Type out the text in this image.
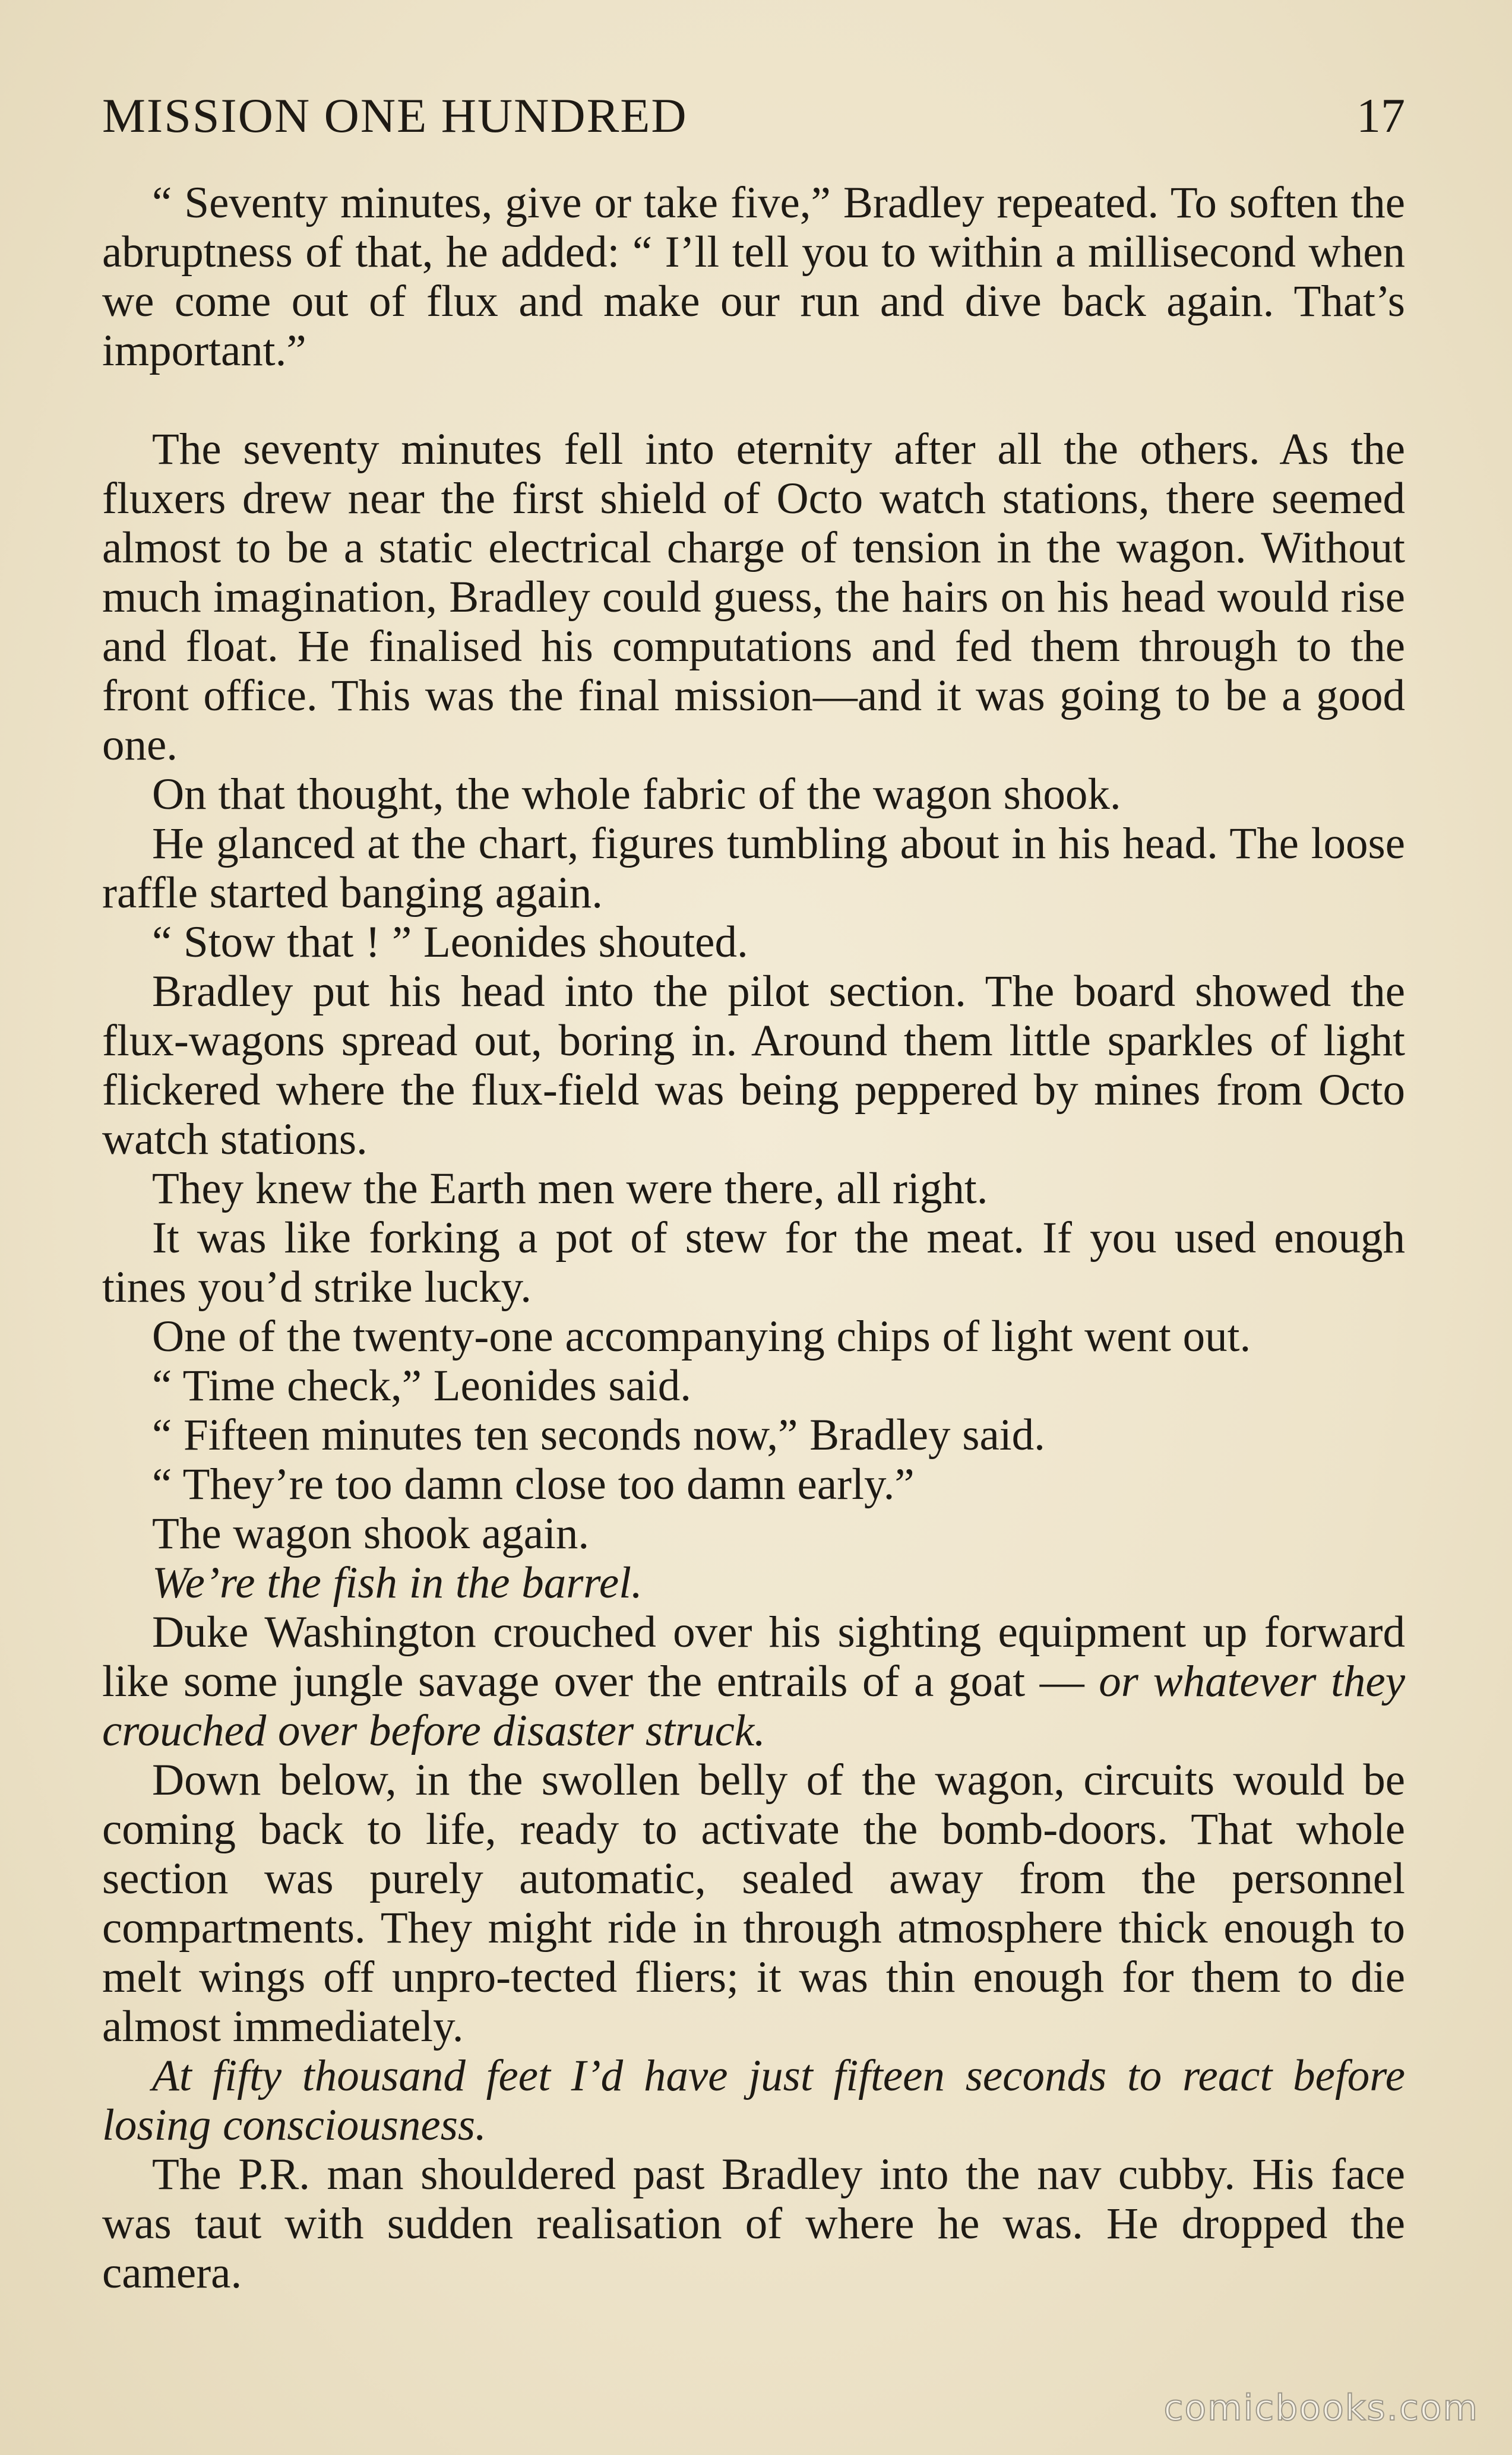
MISSION ONE HUNDRED	17

“ Seventy minutes, give or take five,” Bradley repeated. To soften the abruptness of that, he added: “ I’ll tell you to within a millisecond when we come out of flux and make our run and dive back again. That’s important.”

The seventy minutes fell into eternity after all the others. As the fluxers drew near the first shield of Octo watch stations, there seemed almost to be a static electrical charge of tension in the wagon. Without much imagination, Bradley could guess, the hairs on his head would rise and float. He finalised his computations and fed them through to the front office. This was the final mission—and it was going to be a good one.

On that thought, the whole fabric of the wagon shook.

He glanced at the chart, figures tumbling about in his head. The loose raffle started banging again.

“ Stow that ! ” Leonides shouted.

Bradley put his head into the pilot section. The board showed the flux-wagons spread out, boring in. Around them little sparkles of light flickered where the flux-field was being peppered by mines from Octo watch stations.

They knew the Earth men were there, all right.

It was like forking a pot of stew for the meat. If you used enough tines you’d strike lucky.

One of the twenty-one accompanying chips of light went out.

“ Time check,” Leonides said.

“ Fifteen minutes ten seconds now,” Bradley said.

“ They’re too damn close too damn early.”

The wagon shook again.

We’re the fish in the barrel.

Duke Washington crouched over his sighting equipment up forward like some jungle savage over the entrails of a goat — or whatever they crouched over before disaster struck.

Down below, in the swollen belly of the wagon, circuits would be coming back to life, ready to activate the bomb-doors. That whole section was purely automatic, sealed away from the personnel compartments. They might ride in through atmosphere thick enough to melt wings off unpro-tected fliers; it was thin enough for them to die almost immediately.

At fifty thousand feet I’d have just fifteen seconds to react before losing consciousness.

The P.R. man shouldered past Bradley into the nav cubby. His face was taut with sudden realisation of where he was. He dropped the camera.

comicbooks.com
